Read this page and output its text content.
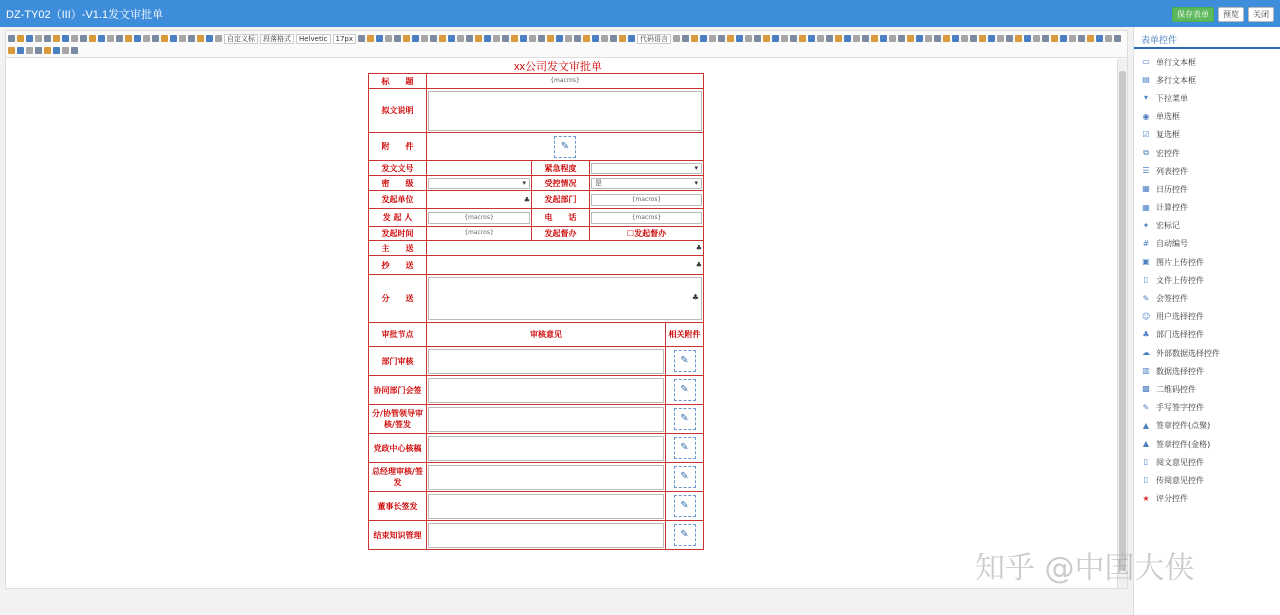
DZ-TY02（III）-V1.1发文审批单	保存表单	预览	关闭
自定义标	段落格式	Helvetic	17px	代码语言
xx公司发文审批单
标　　题	{macros}			
拟文说明				

附　　件	✎			
发文文号		紧急程度	▾	

密　　级	▾	受控情况	是 ▾	

发起单位	♣	发起部门	{macros}	
发 起 人	{macros}	电　　话	{macros}	
发起时间	{macros}	发起督办	☐发起督办	
主　　送	♣			

抄　　送	♣			

分　　送	♣			

审批节点	审核意见			相关附件
部门审核				✎
协同部门会签				✎
分/协管领导审核/签发				✎
党政中心核稿				✎
总经理审核/签发				✎
董事长签发				✎
结束知识管理				✎
表单控件
▭ 单行文本框
▤ 多行文本框
▾ 下拉菜单
◉ 单选框
☑ 复选框
⧉ 宏控件
☰ 列表控件
▦ 日历控件
▦ 计算控件
✦ 宏标记
# 自动编号
▣ 图片上传控件
▯ 文件上传控件
✎ 会签控件
☺ 用户选择控件
♣ 部门选择控件
☁ 外部数据选择控件
▥ 数据选择控件
▩ 二维码控件
✎ 手写签字控件
▲ 签章控件(点聚)
▲ 签章控件(金格)
▯ 阅文意见控件
▯ 传阅意见控件
★ 评分控件
知乎 @中国大侠
